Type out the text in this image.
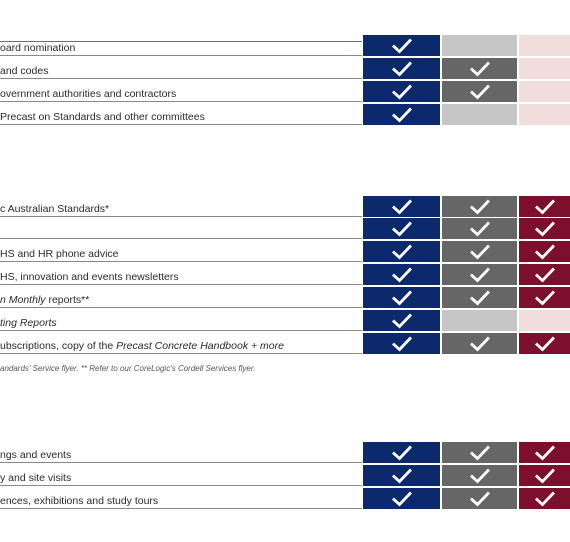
oard nomination
and codes
overnment authorities and contractors
Precast on Standards and other committees
c Australian Standards*
HS and HR phone advice
HS, innovation and events newsletters
n Monthly reports**
ting Reports
ubscriptions, copy of the Precast Concrete Handbook + more
andards' Service flyer. ** Refer to our CoreLogic's Cordell Services flyer.
ngs and events
y and site visits
ences, exhibitions and study tours
